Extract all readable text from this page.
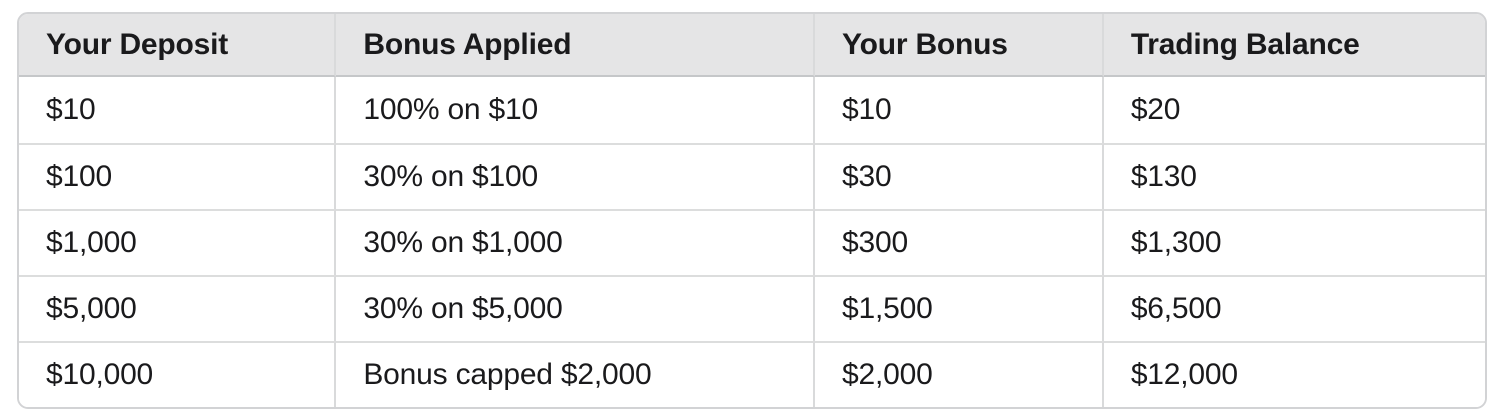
Your Deposit	Bonus Applied	Your Bonus	Trading Balance
$10	100% on $10	$10	$20
$100	30% on $100	$30	$130
$1,000	30% on $1,000	$300	$1,300
$5,000	30% on $5,000	$1,500	$6,500
$10,000	Bonus capped $2,000	$2,000	$12,000
